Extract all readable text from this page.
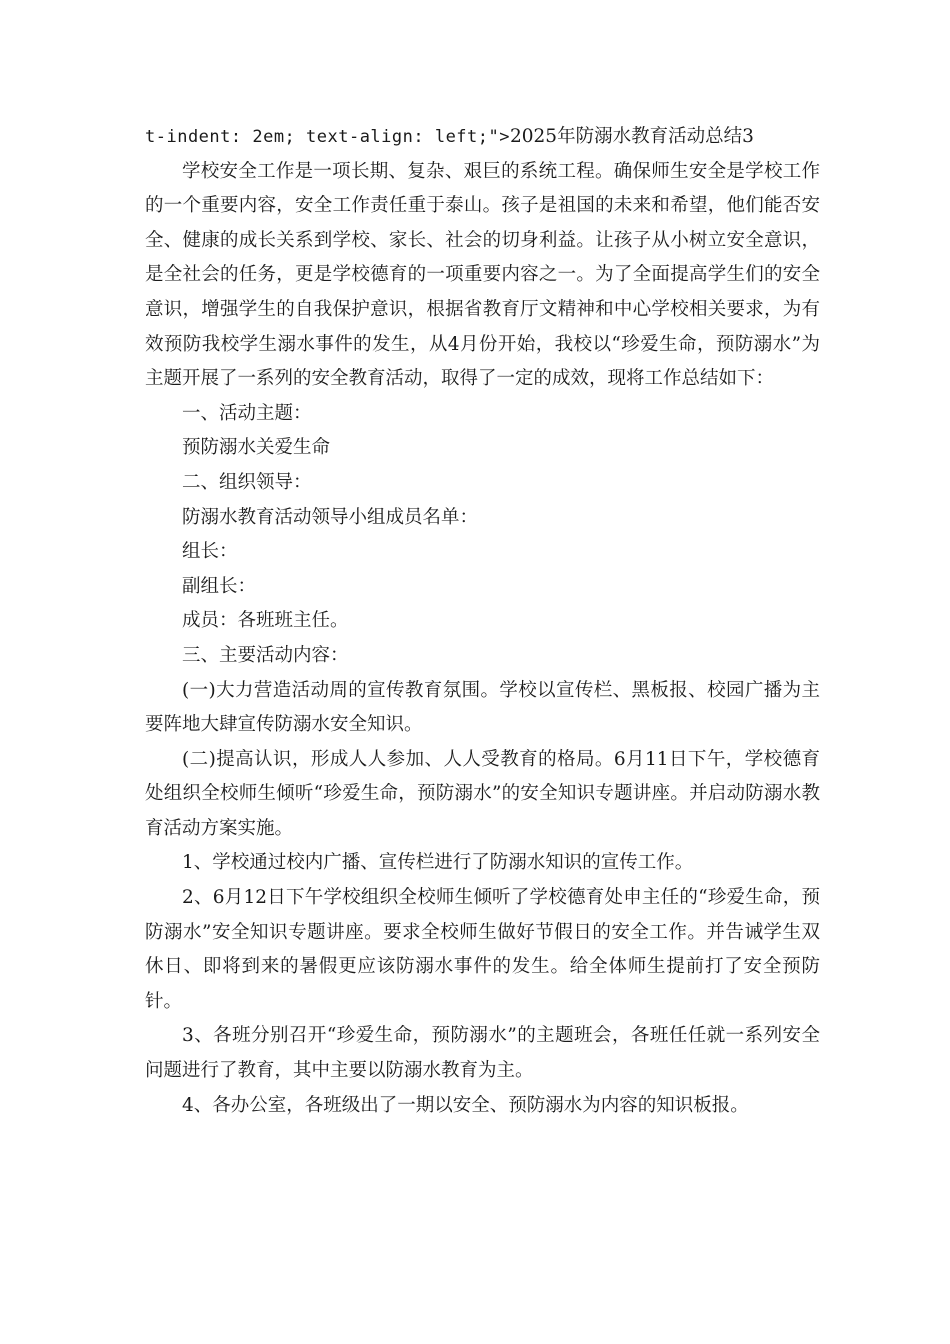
t-indent: 2em; text-align: left;">2025年防溺水教育活动总结3

学校安全工作是一项长期、复杂、艰巨的系统工程。确保师生安全是学校工作的一个重要内容，安全工作责任重于泰山。孩子是祖国的未来和希望，他们能否安全、健康的成长关系到学校、家长、社会的切身利益。让孩子从小树立安全意识，是全社会的任务，更是学校德育的一项重要内容之一。为了全面提高学生们的安全意识，增强学生的自我保护意识，根据省教育厅文精神和中心学校相关要求，为有效预防我校学生溺水事件的发生，从4月份开始，我校以“珍爱生命，预防溺水”为主题开展了一系列的安全教育活动，取得了一定的成效，现将工作总结如下：

一、活动主题：

预防溺水关爱生命

二、组织领导：

防溺水教育活动领导小组成员名单：

组长：

副组长：

成员：各班班主任。

三、主要活动内容：

(一)大力营造活动周的宣传教育氛围。学校以宣传栏、黑板报、校园广播为主要阵地大肆宣传防溺水安全知识。

(二)提高认识，形成人人参加、人人受教育的格局。6月11日下午，学校德育处组织全校师生倾听“珍爱生命，预防溺水”的安全知识专题讲座。并启动防溺水教育活动方案实施。

1、学校通过校内广播、宣传栏进行了防溺水知识的宣传工作。

2、6月12日下午学校组织全校师生倾听了学校德育处申主任的“珍爱生命，预防溺水”安全知识专题讲座。要求全校师生做好节假日的安全工作。并告诫学生双休日、即将到来的暑假更应该防溺水事件的发生。给全体师生提前打了安全预防针。

3、各班分别召开“珍爱生命，预防溺水”的主题班会，各班任任就一系列安全问题进行了教育，其中主要以防溺水教育为主。

4、各办公室，各班级出了一期以安全、预防溺水为内容的知识板报。
